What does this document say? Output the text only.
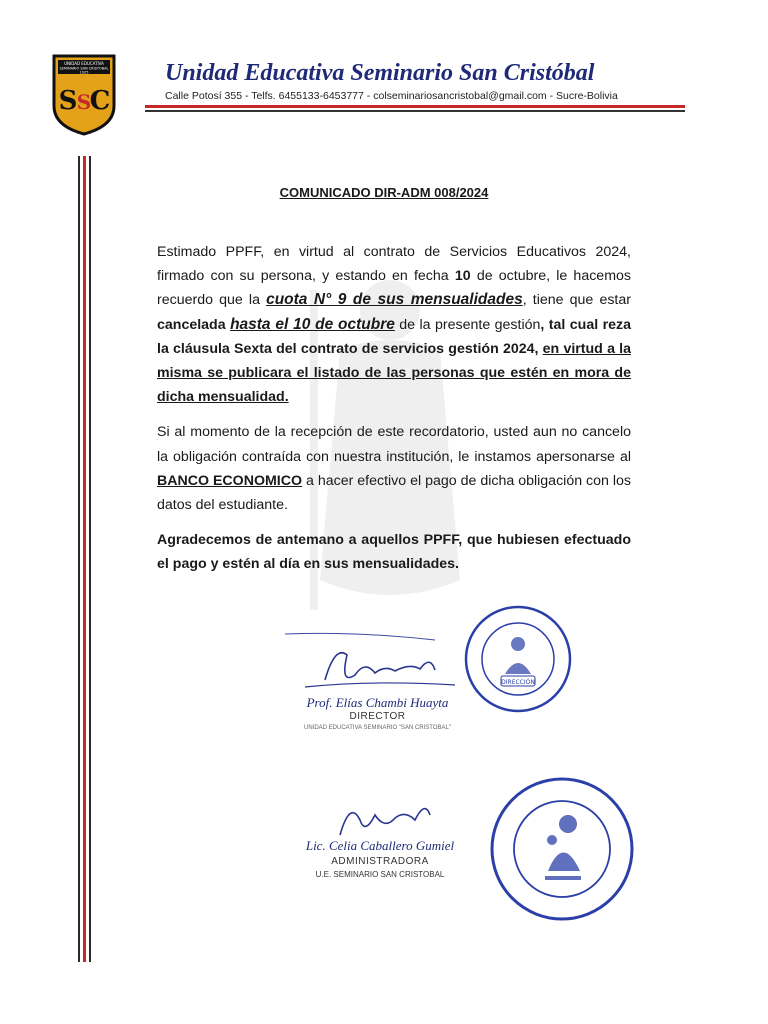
UNIDAD EDUCATIVA
SEMINARIO SAN CRISTOBAL
1925
S S
C
Unidad Educativa Seminario San Cristóbal
Calle Potosí 355 - Telfs. 6455133-6453777 - colseminariosancristobal@gmail.com - Sucre-Bolivia
COMUNICADO DIR-ADM 008/2024

Estimado PPFF, en virtud al contrato de Servicios Educativos 2024, firmado con su persona, y estando en fecha 10 de octubre, le hacemos recuerdo que la cuota N° 9 de sus mensualidades, tiene que estar cancelada hasta el 10 de octubre de la presente gestión, tal cual reza la cláusula Sexta del contrato de servicios gestión 2024, en virtud a la misma se publicara el listado de las personas que estén en mora de dicha mensualidad.

Si al momento de la recepción de este recordatorio, usted aun no cancelo la obligación contraída con nuestra institución, le instamos apersonarse al BANCO ECONOMICO a hacer efectivo el pago de dicha obligación con los datos del estudiante.

Agradecemos de antemano a aquellos PPFF, que hubiesen efectuado el pago y estén al día en sus mensualidades.

Prof. Elías Chambi Huayta
DIRECTOR
UNIDAD EDUCATIVA SEMINARIO "SAN CRISTOBAL"
DIRECCIÓN
Lic. Celia Caballero Gumiel
ADMINISTRADORA
U.E. SEMINARIO SAN CRISTOBAL
